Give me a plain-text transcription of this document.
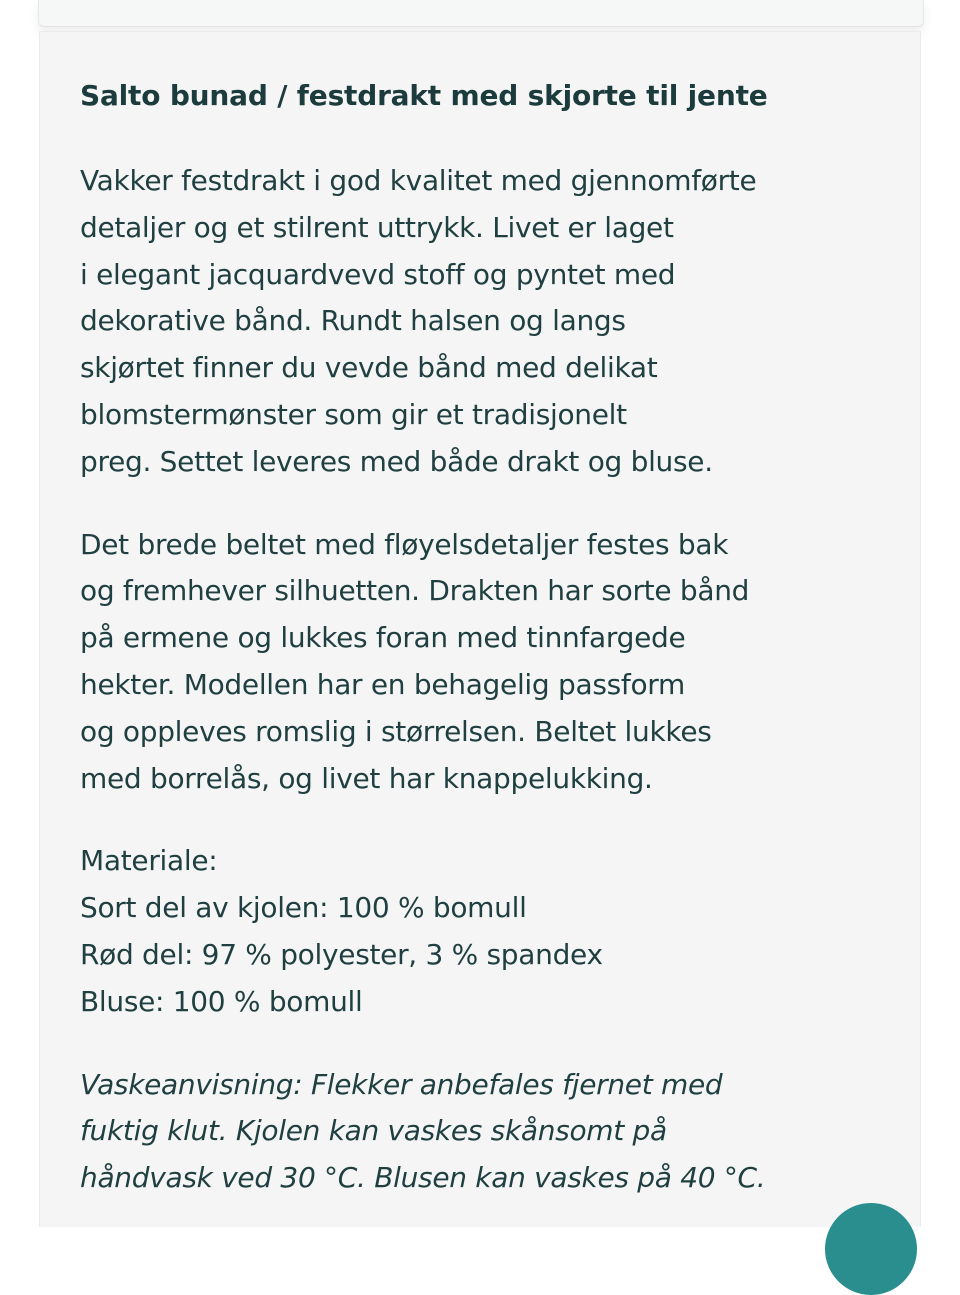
Salto bunad / festdrakt med skjorte til jente

Vakker festdrakt i god kvalitet med gjennomførte
detaljer og et stilrent uttrykk. Livet er laget
i elegant jacquardvevd stoff og pyntet med
dekorative bånd. Rundt halsen og langs
skjørtet finner du vevde bånd med delikat
blomstermønster som gir et tradisjonelt
preg. Settet leveres med både drakt og bluse.

Det brede beltet med fløyelsdetaljer festes bak
og fremhever silhuetten. Drakten har sorte bånd
på ermene og lukkes foran med tinnfargede
hekter. Modellen har en behagelig passform
og oppleves romslig i størrelsen. Beltet lukkes
med borrelås, og livet har knappelukking.

Materiale:
Sort del av kjolen: 100 % bomull
Rød del: 97 % polyester, 3 % spandex
Bluse: 100 % bomull

Vaskeanvisning: Flekker anbefales fjernet med
fuktig klut. Kjolen kan vaskes skånsomt på
håndvask ved 30 °C. Blusen kan vaskes på 40 °C.
